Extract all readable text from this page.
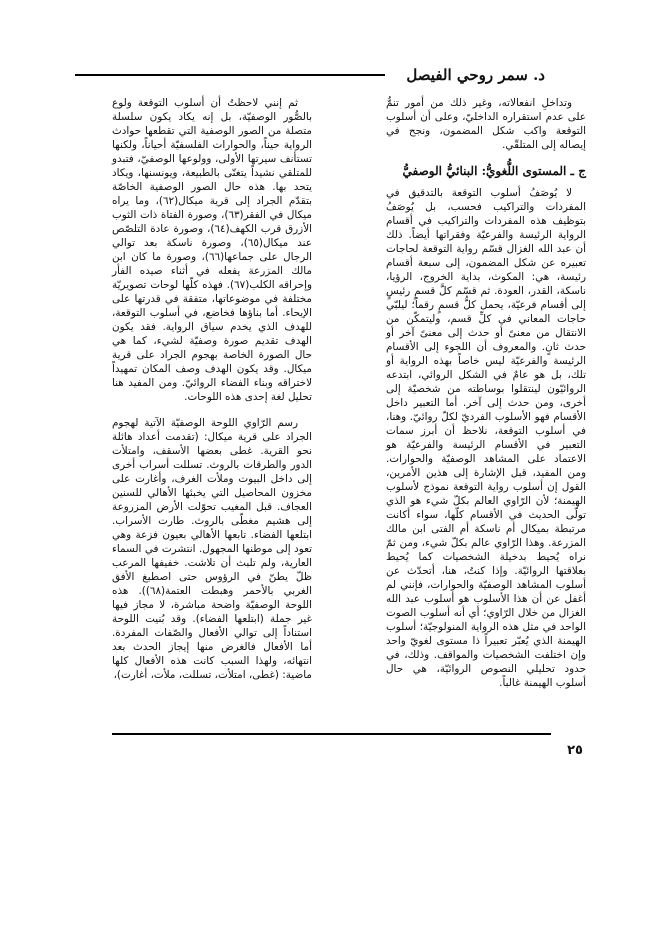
د. سمر روحي الفيصل

وتداخلِ انفعالاته، وغير ذلك من أمور تنمُّ على عدم استقراره الداخليّ، وعلى أن أسلوب التوقعة واكب شكل المضمون، ونجح في إيصاله إلى المتلقّي.

ج ـ المستوى اللُّغويُّ: البنائيُّ الوصفيُّ

لا يُوصَفُ أسلوب التوقعة بالتدقيق في المفردات والتراكيب فحسب، بل يُوصَفُ بتوظيف هذه المفردات والتراكيب في أقسام الرواية الرئيسة والفرعيّة وفقراتها أيضاً. ذلك أن عبد الله الغزال قسّم رواية التوقعة لحاجات تعبيره عن شكل المضمون، إلى سبعة أقسام رئيسة، هي: المكوث، بداية الخروج، الرؤيا، ناسكة، القدر، العودة. ثم قسّم كلَّ قسمٍ رئيسٍ إلى أقسام فرعيّة، يحمل كلُّ قسمٍ رقماً؛ ليلبّي حاجات المعاني في كلِّ قسم، وليتمكّن من الانتقال من معنىً أو حدث إلى معنىً آخر أو حدث ثانٍ. والمعروف أن اللجوء إلى الأقسام الرئيسة والفرعيّة ليس خاصاً بهذه الرواية أو تلك، بل هو عامٌ في الشكل الروائي، ابتدعه الروائيّون لينتقلوا بوساطته من شخصيّة إلى أخرى، ومن حدث إلى آخر. أما التعبير داخل الأقسام فهو الأسلوب الفرديّ لكلّ روائيّ. وهنا، في أسلوب التوقعة، نلاحظ أن أبرز سمات التعبير في الأقسام الرئيسة والفرعيّة هو الاعتماد على المشاهد الوصفيّة والحوارات. ومن المفيد، قبل الإشارة إلى هذين الأمرين، القول إن أسلوب رواية التوقعة نموذج لأسلوب الهيمنة؛ لأن الرّاوي العالم بكلّ شيء هو الذي تولّى الحديث في الأقسام كلّها، سواء أكانت مرتبطة بميكال أم ناسكة أم الفتى ابن مالك المزرعة. وهذا الرّاوي عالم بكلّ شيء، ومن ثمّ نراه يُحيط بدخيلة الشخصيات كما يُحيط بعلاقتها الروائيّة. وإذا كنتُ، هنا، أتحدّث عن أسلوب المشاهد الوصفيّة والحوارات، فإنني لم أغفل عن أن هذا الأسلوب هو أسلوب عبد الله الغزال من خلال الرّاوي؛ أي أنه أسلوب الصوت الواحد في مثل هذه الرواية المنولوجيّة؛ أسلوب الهيمنة الذي يُعبّر تعبيراً ذا مستوى لغويّ واحد وإن اختلفت الشخصيات والمواقف. وذلك، في حدود تحليلي النصوص الروائيّة، هي حال أسلوب الهيمنة غالباً.

ثم إنني لاحظتُ أن أسلوب التوقعة ولوع بالصُّور الوصفيّة، بل إنه يكاد يكون سلسلة متصلة من الصور الوصفية التي تقطعها حوادث الرواية حيناً، والحوارات الفلسفيّة أحياناً، ولكنها تستأنف سيرتها الأولى، وولوعها الوصفيّ، فتبدو للمتلقي نشيداً يتغنّى بالطبيعة، ويونسنها، ويكاد يتحد بها. هذه حال الصور الوصفية الخاصّة بتقدّم الجراد إلى قرية ميكال(٦٢)، وما يراه ميكال في الفقر(٦٣)، وصورة الفتاة ذات الثوب الأزرق قرب الكهف(٦٤)، وصورة عادة التلصّص عند ميكال(٦٥)، وصورة ناسكة بعد توالي الرجال على جماعها(٦٦)، وصورة ما كان ابن مالك المزرعة يفعله في أثناء صيده الفأر وإحراقه الكلب(٦٧). فهذه كلّها لوحات تصويريّة مختلفة في موضوعاتها، متفقة في قدرتها على الإيحاء. أما بناؤها فخاضع، في أسلوب التوقعة، للهدف الذي يخدم سياق الرواية. فقد يكون الهدف تقديم صورة وصفيّة لشيء، كما هي حال الصورة الخاصة بهجوم الجراد على قرية ميكال. وقد يكون الهدف وصف المكان تمهيداً لاختراقه وبناء الفضاء الروائيّ. ومن المفيد هنا تحليل لغة إحدى هذه اللوحات.

رسم الرّاوي اللوحة الوصفيّة الآتية لهجوم الجراد على قرية ميكال: (تقدمت أعداد هائلة نحو القرية. غطى بعضها الأسقف، وامتلأت الدور والطرقات بالروث. تسللت أسراب أخرى إلى داخل البيوت وملأت الغرف، وأغارت على مخزون المحاصيل التي يخبئها الأهالي للسنين العجاف. قبل المغيب تحوّلت الأرض المزروعة إلى هشيم مغطّى بالروث. طارت الأسراب. ابتلعها الفضاء. تابعها الأهالي بعيون فزعة وهي تعود إلى موطنها المجهول. انتشرت في السماء العارية، ولم تلبث أن تلاشت. خفيفها المرعب ظلّ يطنّ في الرؤوس حتى اصطبغ الأفق الغربي بالأحمر وهبطت العتمة(٦٨)). هذه اللوحة الوصفيّة واضحة مباشرة، لا مجاز فيها غير جملة (ابتلعها الفضاء). وقد بُنيت اللوحة استناداً إلى توالي الأفعال والصّفات المفردة. أما الأفعال فالغرض منها إيجاز الحدث بعد انتهائه، ولهذا السبب كانت هذه الأفعال كلها ماضية: (غطى، امتلأت، تسللت، ملأت، أغارت)،

٢٥
